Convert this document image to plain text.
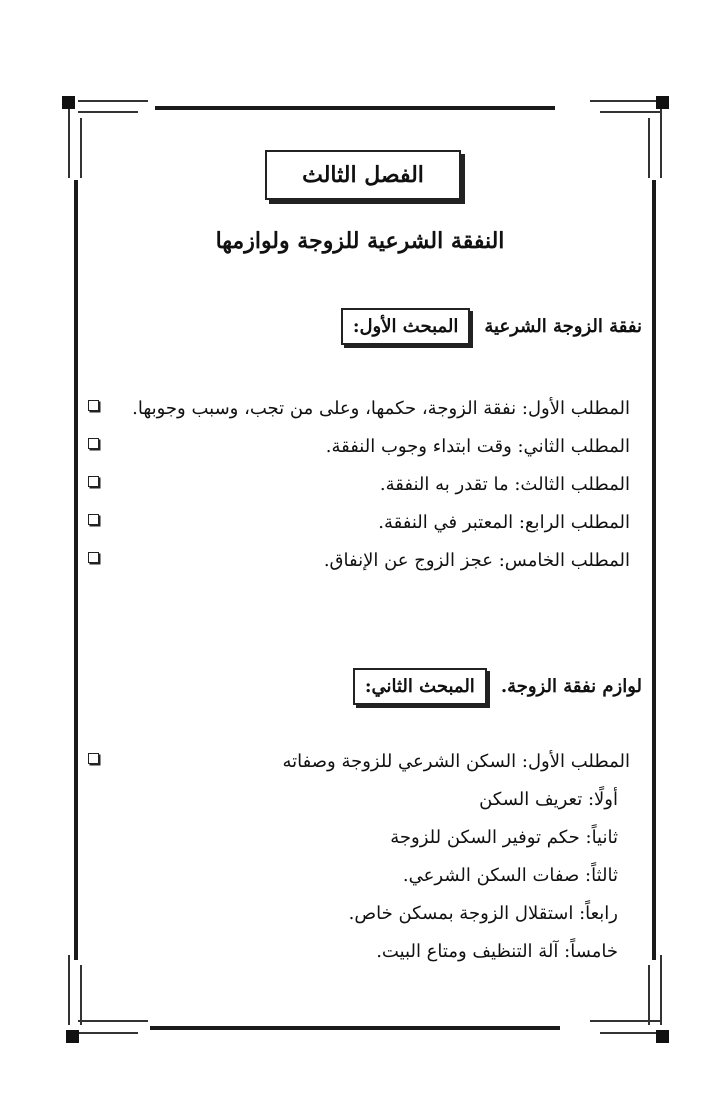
الفصل الثالث
النفقة الشرعية للزوجة ولوازمها
المبحث الأول:	نفقة الزوجة الشرعية
المطلب الأول: نفقة الزوجة، حكمها، وعلى من تجب، وسبب وجوبها.
المطلب الثاني: وقت ابتداء وجوب النفقة.
المطلب الثالث: ما تقدر به النفقة.
المطلب الرابع: المعتبر في النفقة.
المطلب الخامس: عجز الزوج عن الإنفاق.
المبحث الثاني:	لوازم نفقة الزوجة.
المطلب الأول: السكن الشرعي للزوجة وصفاته
أولًا: تعريف السكن
ثانياً: حكم توفير السكن للزوجة
ثالثاً: صفات السكن الشرعي.
رابعاً: استقلال الزوجة بمسكن خاص.
خامساً: آلة التنظيف ومتاع البيت.
